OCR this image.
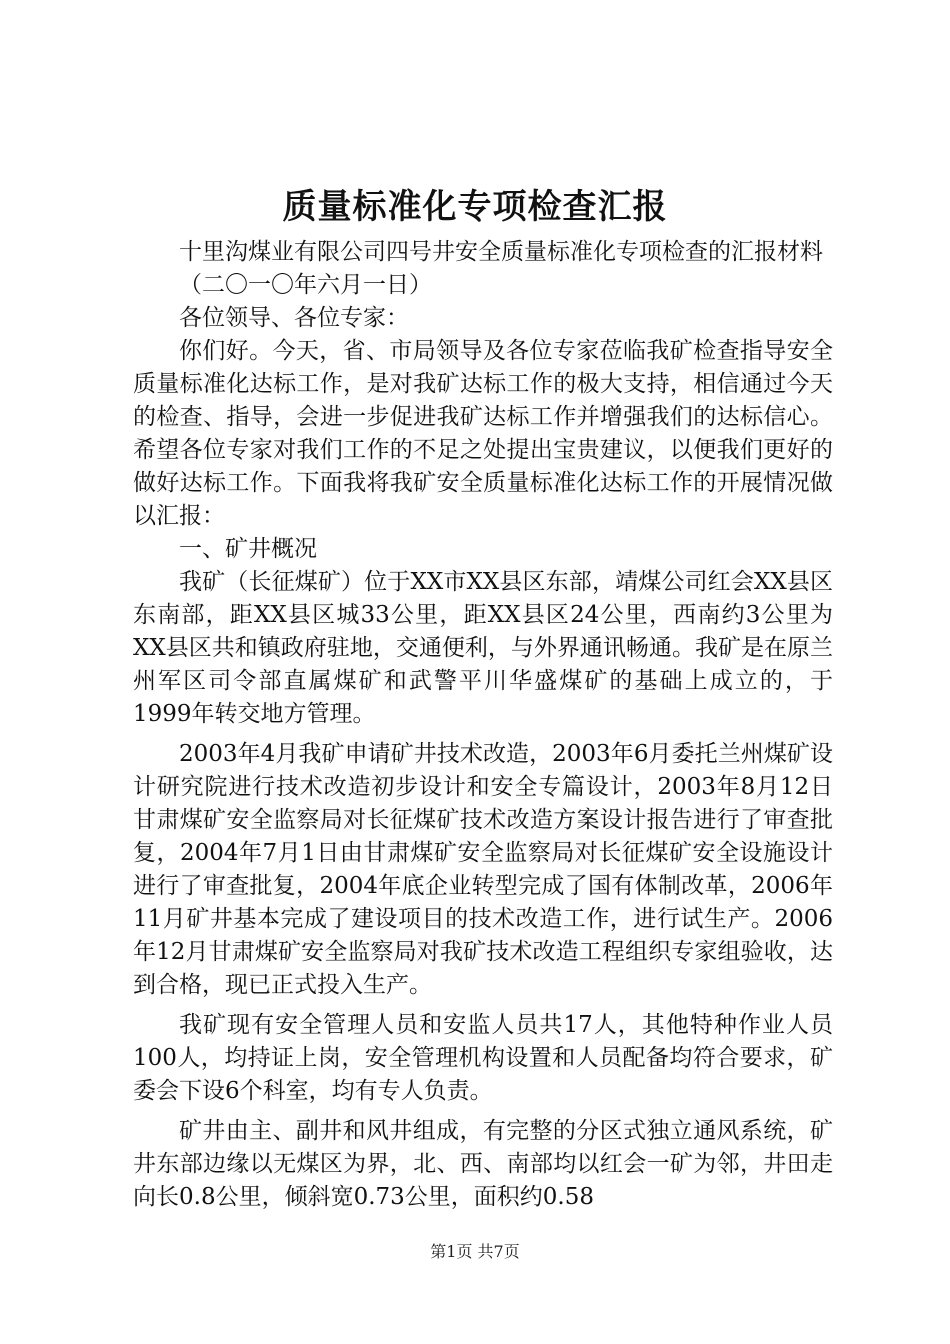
质量标准化专项检查汇报

十里沟煤业有限公司四号井安全质量标准化专项检查的汇报材料

（二〇一〇年六月一日）

各位领导、各位专家：

你们好。今天，省、市局领导及各位专家莅临我矿检查指导安全质量标准化达标工作，是对我矿达标工作的极大支持，相信通过今天的检查、指导，会进一步促进我矿达标工作并增强我们的达标信心。希望各位专家对我们工作的不足之处提出宝贵建议，以便我们更好的做好达标工作。下面我将我矿安全质量标准化达标工作的开展情况做以汇报：

一、矿井概况

我矿（长征煤矿）位于XX市XX县区东部，靖煤公司红会XX县区东南部，距XX县区城33公里，距XX县区24公里，西南约3公里为XX县区共和镇政府驻地，交通便利，与外界通讯畅通。我矿是在原兰州军区司令部直属煤矿和武警平川华盛煤矿的基础上成立的，于1999年转交地方管理。

2003年4月我矿申请矿井技术改造，2003年6月委托兰州煤矿设计研究院进行技术改造初步设计和安全专篇设计，2003年8月12日甘肃煤矿安全监察局对长征煤矿技术改造方案设计报告进行了审查批复，2004年7月1日由甘肃煤矿安全监察局对长征煤矿安全设施设计进行了审查批复，2004年底企业转型完成了国有体制改革，2006年11月矿井基本完成了建设项目的技术改造工作，进行试生产。2006年12月甘肃煤矿安全监察局对我矿技术改造工程组织专家组验收，达到合格，现已正式投入生产。

我矿现有安全管理人员和安监人员共17人，其他特种作业人员100人，均持证上岗，安全管理机构设置和人员配备均符合要求，矿委会下设6个科室，均有专人负责。

矿井由主、副井和风井组成，有完整的分区式独立通风系统，矿井东部边缘以无煤区为界，北、西、南部均以红会一矿为邻，井田走向长0.8公里，倾斜宽0.73公里，面积约0.58

第1页 共7页
